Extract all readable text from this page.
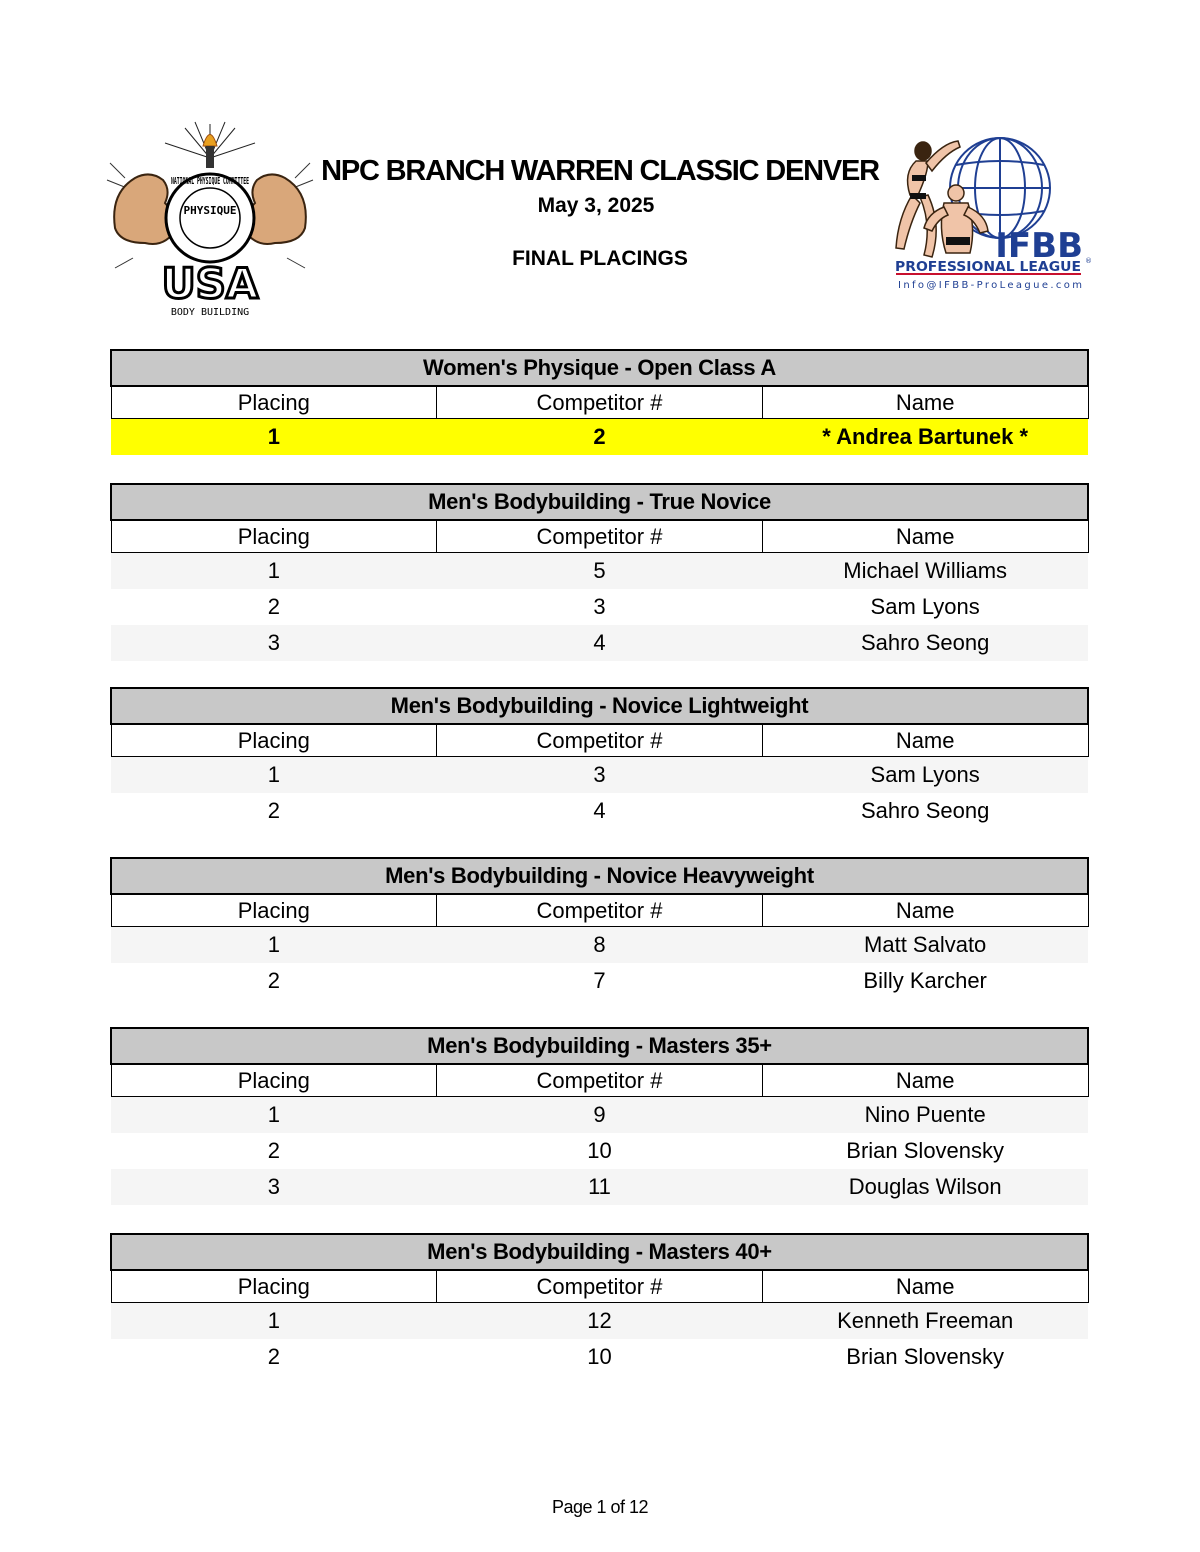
PHYSIQUE
NATIONAL PHYSIQUE COMMITTEE
USA
BODY BUILDING
NPC BRANCH WARREN CLASSIC DENVER
May 3, 2025
FINAL PLACINGS	IFBB
PROFESSIONAL LEAGUE ®
Info@IFBB-ProLeague.com
Women's Physique - Open Class A		
Placing	Competitor #	Name
1	2	* Andrea Bartunek *
Men's Bodybuilding - True Novice		
Placing	Competitor #	Name
1	5	Michael Williams
2	3	Sam Lyons
3	4	Sahro Seong
Men's Bodybuilding - Novice Lightweight		
Placing	Competitor #	Name
1	3	Sam Lyons
2	4	Sahro Seong
Men's Bodybuilding - Novice Heavyweight		
Placing	Competitor #	Name
1	8	Matt Salvato
2	7	Billy Karcher
Men's Bodybuilding - Masters 35+		
Placing	Competitor #	Name
1	9	Nino Puente
2	10	Brian Slovensky
3	11	Douglas Wilson
Men's Bodybuilding - Masters 40+		
Placing	Competitor #	Name
1	12	Kenneth Freeman
2	10	Brian Slovensky
Page 1 of 12
